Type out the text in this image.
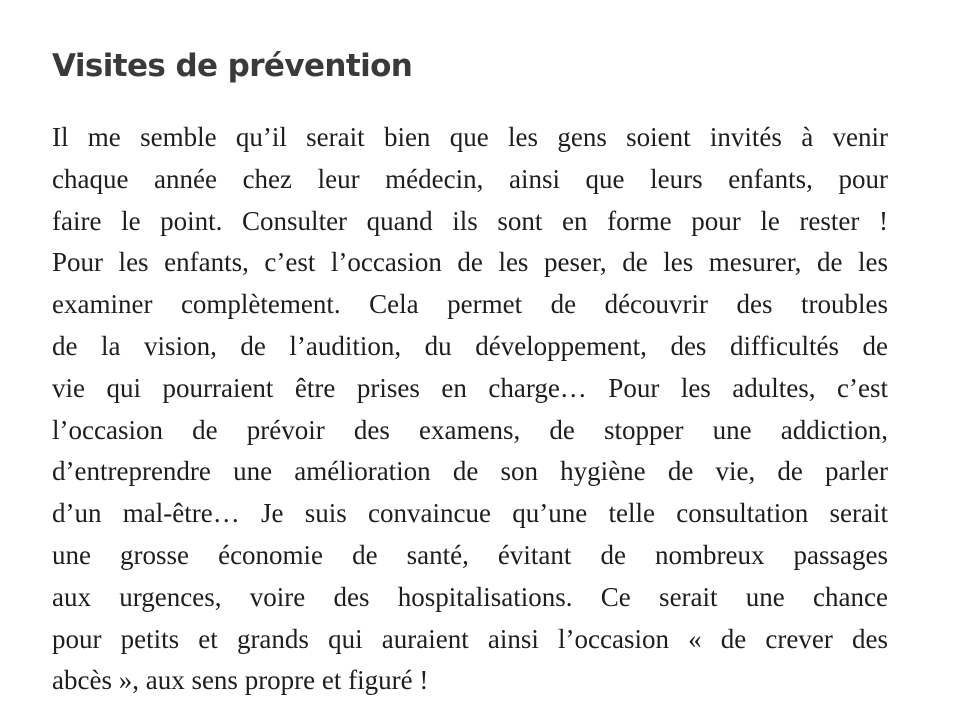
Visites de prévention

Il me semble qu’il serait bien que les gens soient invités à venir
chaque année chez leur médecin, ainsi que leurs enfants, pour
faire le point. Consulter quand ils sont en forme pour le rester !
Pour les enfants, c’est l’occasion de les peser, de les mesurer, de les
examiner complètement. Cela permet de découvrir des troubles
de la vision, de l’audition, du développement, des difficultés de
vie qui pourraient être prises en charge… Pour les adultes, c’est
l’occasion de prévoir des examens, de stopper une addiction,
d’entreprendre une amélioration de son hygiène de vie, de parler
d’un mal-être… Je suis convaincue qu’une telle consultation serait
une grosse économie de santé, évitant de nombreux passages
aux urgences, voire des hospitalisations. Ce serait une chance
pour petits et grands qui auraient ainsi l’occasion « de crever des
abcès », aux sens propre et figuré !
